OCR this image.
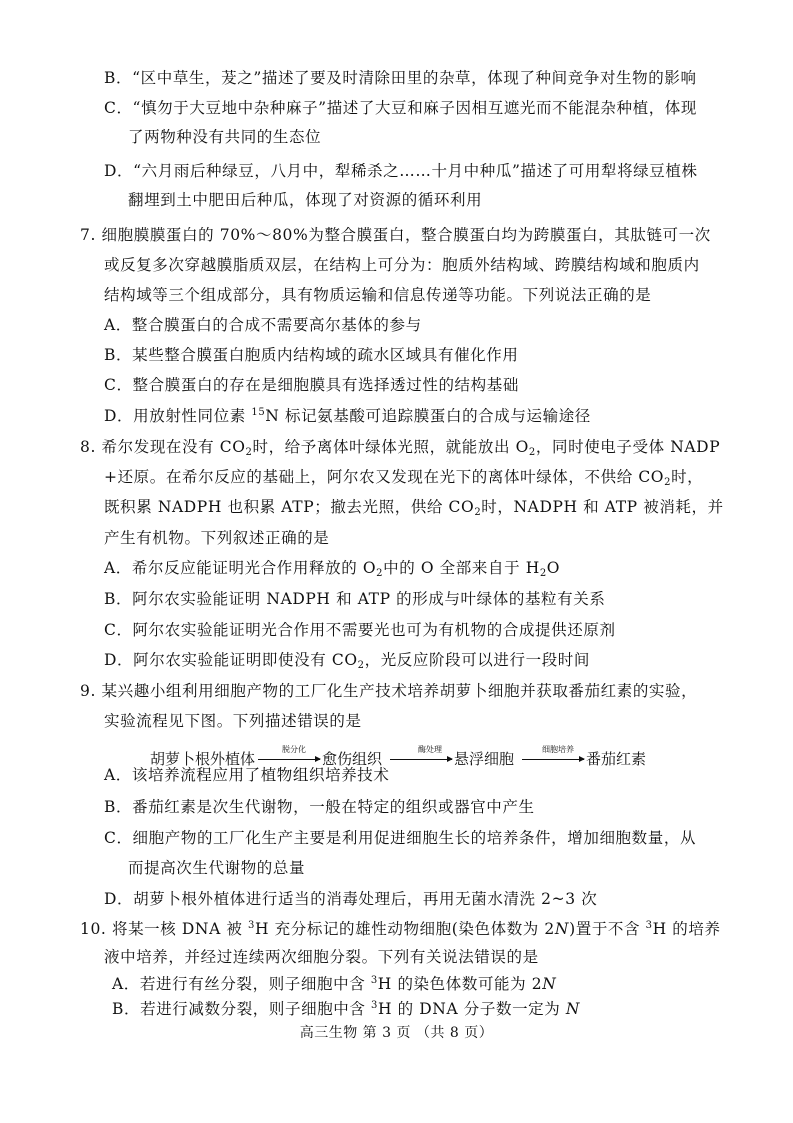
B．“区中草生，茇之”描述了要及时清除田里的杂草，体现了种间竞争对生物的影响
C．“慎勿于大豆地中杂种麻子”描述了大豆和麻子因相互遮光而不能混杂种植，体现
了两物种没有共同的生态位
D．“六月雨后种绿豆，八月中，犁稀杀之……十月中种瓜”描述了可用犁将绿豆植株
翻埋到土中肥田后种瓜，体现了对资源的循环利用
7. 细胞膜膜蛋白的 70%～80%为整合膜蛋白，整合膜蛋白均为跨膜蛋白，其肽链可一次
或反复多次穿越膜脂质双层，在结构上可分为：胞质外结构域、跨膜结构域和胞质内
结构域等三个组成部分，具有物质运输和信息传递等功能。下列说法正确的是
A．整合膜蛋白的合成不需要高尔基体的参与
B．某些整合膜蛋白胞质内结构域的疏水区域具有催化作用
C．整合膜蛋白的存在是细胞膜具有选择透过性的结构基础
D．用放射性同位素 $^{15}$N 标记氨基酸可追踪膜蛋白的合成与运输途径
8. 希尔发现在没有 $CO_2$时，给予离体叶绿体光照，就能放出 $O_2$，同时使电子受体 NADP
+还原。在希尔反应的基础上，阿尔农又发现在光下的离体叶绿体，不供给 $CO_2$时，
既积累 NADPH 也积累 ATP；撤去光照，供给 $CO_2$时，NADPH 和 ATP 被消耗，并
产生有机物。下列叙述正确的是
A．希尔反应能证明光合作用释放的 $O_2$中的 O 全部来自于 $H_2O$
B．阿尔农实验能证明 NADPH 和 ATP 的形成与叶绿体的基粒有关系
C．阿尔农实验能证明光合作用不需要光也可为有机物的合成提供还原剂
D．阿尔农实验能证明即使没有 $CO_2$，光反应阶段可以进行一段时间
9. 某兴趣小组利用细胞产物的工厂化生产技术培养胡萝卜细胞并获取番茄红素的实验，
实验流程见下图。下列描述错误的是
胡萝卜根外植体
脱分化
愈伤组织
酶处理
悬浮细胞
细胞培养
番茄红素
A．该培养流程应用了植物组织培养技术
B．番茄红素是次生代谢物，一般在特定的组织或器官中产生
C．细胞产物的工厂化生产主要是利用促进细胞生长的培养条件，增加细胞数量，从
而提高次生代谢物的总量
D．胡萝卜根外植体进行适当的消毒处理后，再用无菌水清洗 2~3 次
10. 将某一核 DNA 被 $^3$H 充分标记的雄性动物细胞(染色体数为 2N)置于不含 $^3$H 的培养
液中培养，并经过连续两次细胞分裂。下列有关说法错误的是
A．若进行有丝分裂，则子细胞中含 $^3$H 的染色体数可能为 2N
B．若进行减数分裂，则子细胞中含 $^3$H 的 DNA 分子数一定为 N
高三生物 第 3 页 （共 8 页）
